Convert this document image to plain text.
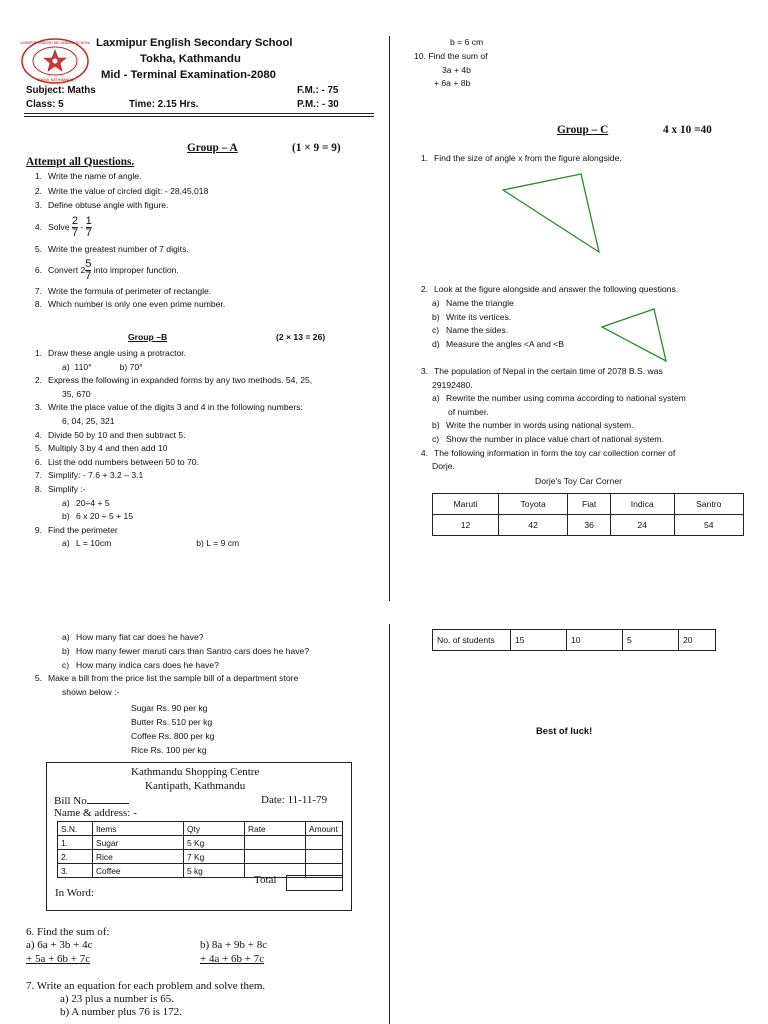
LAXMIPUR ENGLISH SECONDARY SCHOOL
TOKHA, KATHMANDU
Laxmipur English Secondary School
Tokha, Kathmandu
Mid - Terminal Examination-2080
Subject: Maths	F.M.: - 75
Class: 5	Time: 2.15 Hrs.	P.M.: - 30
Group – A	(1 × 9 = 9)
Attempt all Questions.
1. Write the name of angle.
2. Write the value of circled digit: - 28,45,018
3. Define obtuse angle with figure.
4. Solve
$\frac{2}{7}$
-
$\frac{1}{7}$
5. Write the greatest number of 7 digits.
6. Convert $2 \frac{5}{7}$
into improper function.
7. Write the formula of perimeter of rectangle.
8. Which number is only one even prime number.
Group –B	(2 × 13 = 26)
1. Draw these angle using a protractor.
a)  110°	b) 70°
2. Express the following in expanded forms by any two methods. 54, 25,
35, 670
3. Write the place value of the digits 3 and 4 in the following numbers:
6, 04, 25, 321
4. Divide 50 by 10 and then subtract 5.
5. Multiply 3 by 4 and then add 10
6. List the odd numbers between 50 to 70.
7. Simplify: - 7.6 + 3.2 – 3.1
8. Simplify :-
a) 20÷4 + 5
b) 6 x 20 ÷ 5 + 15
9. Find the perimeter
a) L = 10cm	b) L = 9 cm
b = 6 cm
10. Find the sum of
3a + 4b
+ 6a + 8b
Group – C	4 x 10 =40
1. Find the size of angle x from the figure alongside.
2. Look at the figure alongside and answer the following questions.
a) Name the triangle
b) Write its vertices.
c) Name the sides.
d) Measure the angles <A and <B
3. The population of Nepal in the certain time of 2078 B.S. was
29192480.
a) Rewrite the number using comma according to national system
of number.
b) Write the number in words using national system.
c) Show the number in place value chart of national system.
4. The following information in form the toy car collection corner of
Dorje.
Dorje's Toy Car Corner
Maruti	Toyota	Fiat	Indica	Santro
12	42	36	24	54
a) How many fiat car does he have?
b) How many fewer maruti cars than Santro cars does he have?
c) How many indica cars does he have?
5. Make a bill from the price list the sample bill of a department store
shown below :-
Sugar Rs. 90 per kg
Butter Rs. 510 per kg
Coffee Rs. 800 per kg
Rice Rs. 100 per kg
Kathmandu Shopping Centre
Kantipath, Kathmandu
Bill No	Date: 11-11-79
Name & address: -
S.N.	Items	Qty	Rate	Amount
1.	Sugar	5 Kg		
2.	Rice	7 Kg		
3.	Coffee	5 kg		
Total
In Word:
6. Find the sum of:
a) 6a + 3b + 4c
+ 5a + 6b + 7c
b) 8a + 9b + 8c
+ 4a + 6b + 7c
7. Write an equation for each problem and solve them.
a) 23 plus a number is 65.
b) A number plus 76 is 172.
No. of students	15	10	5	20
Best of luck!
